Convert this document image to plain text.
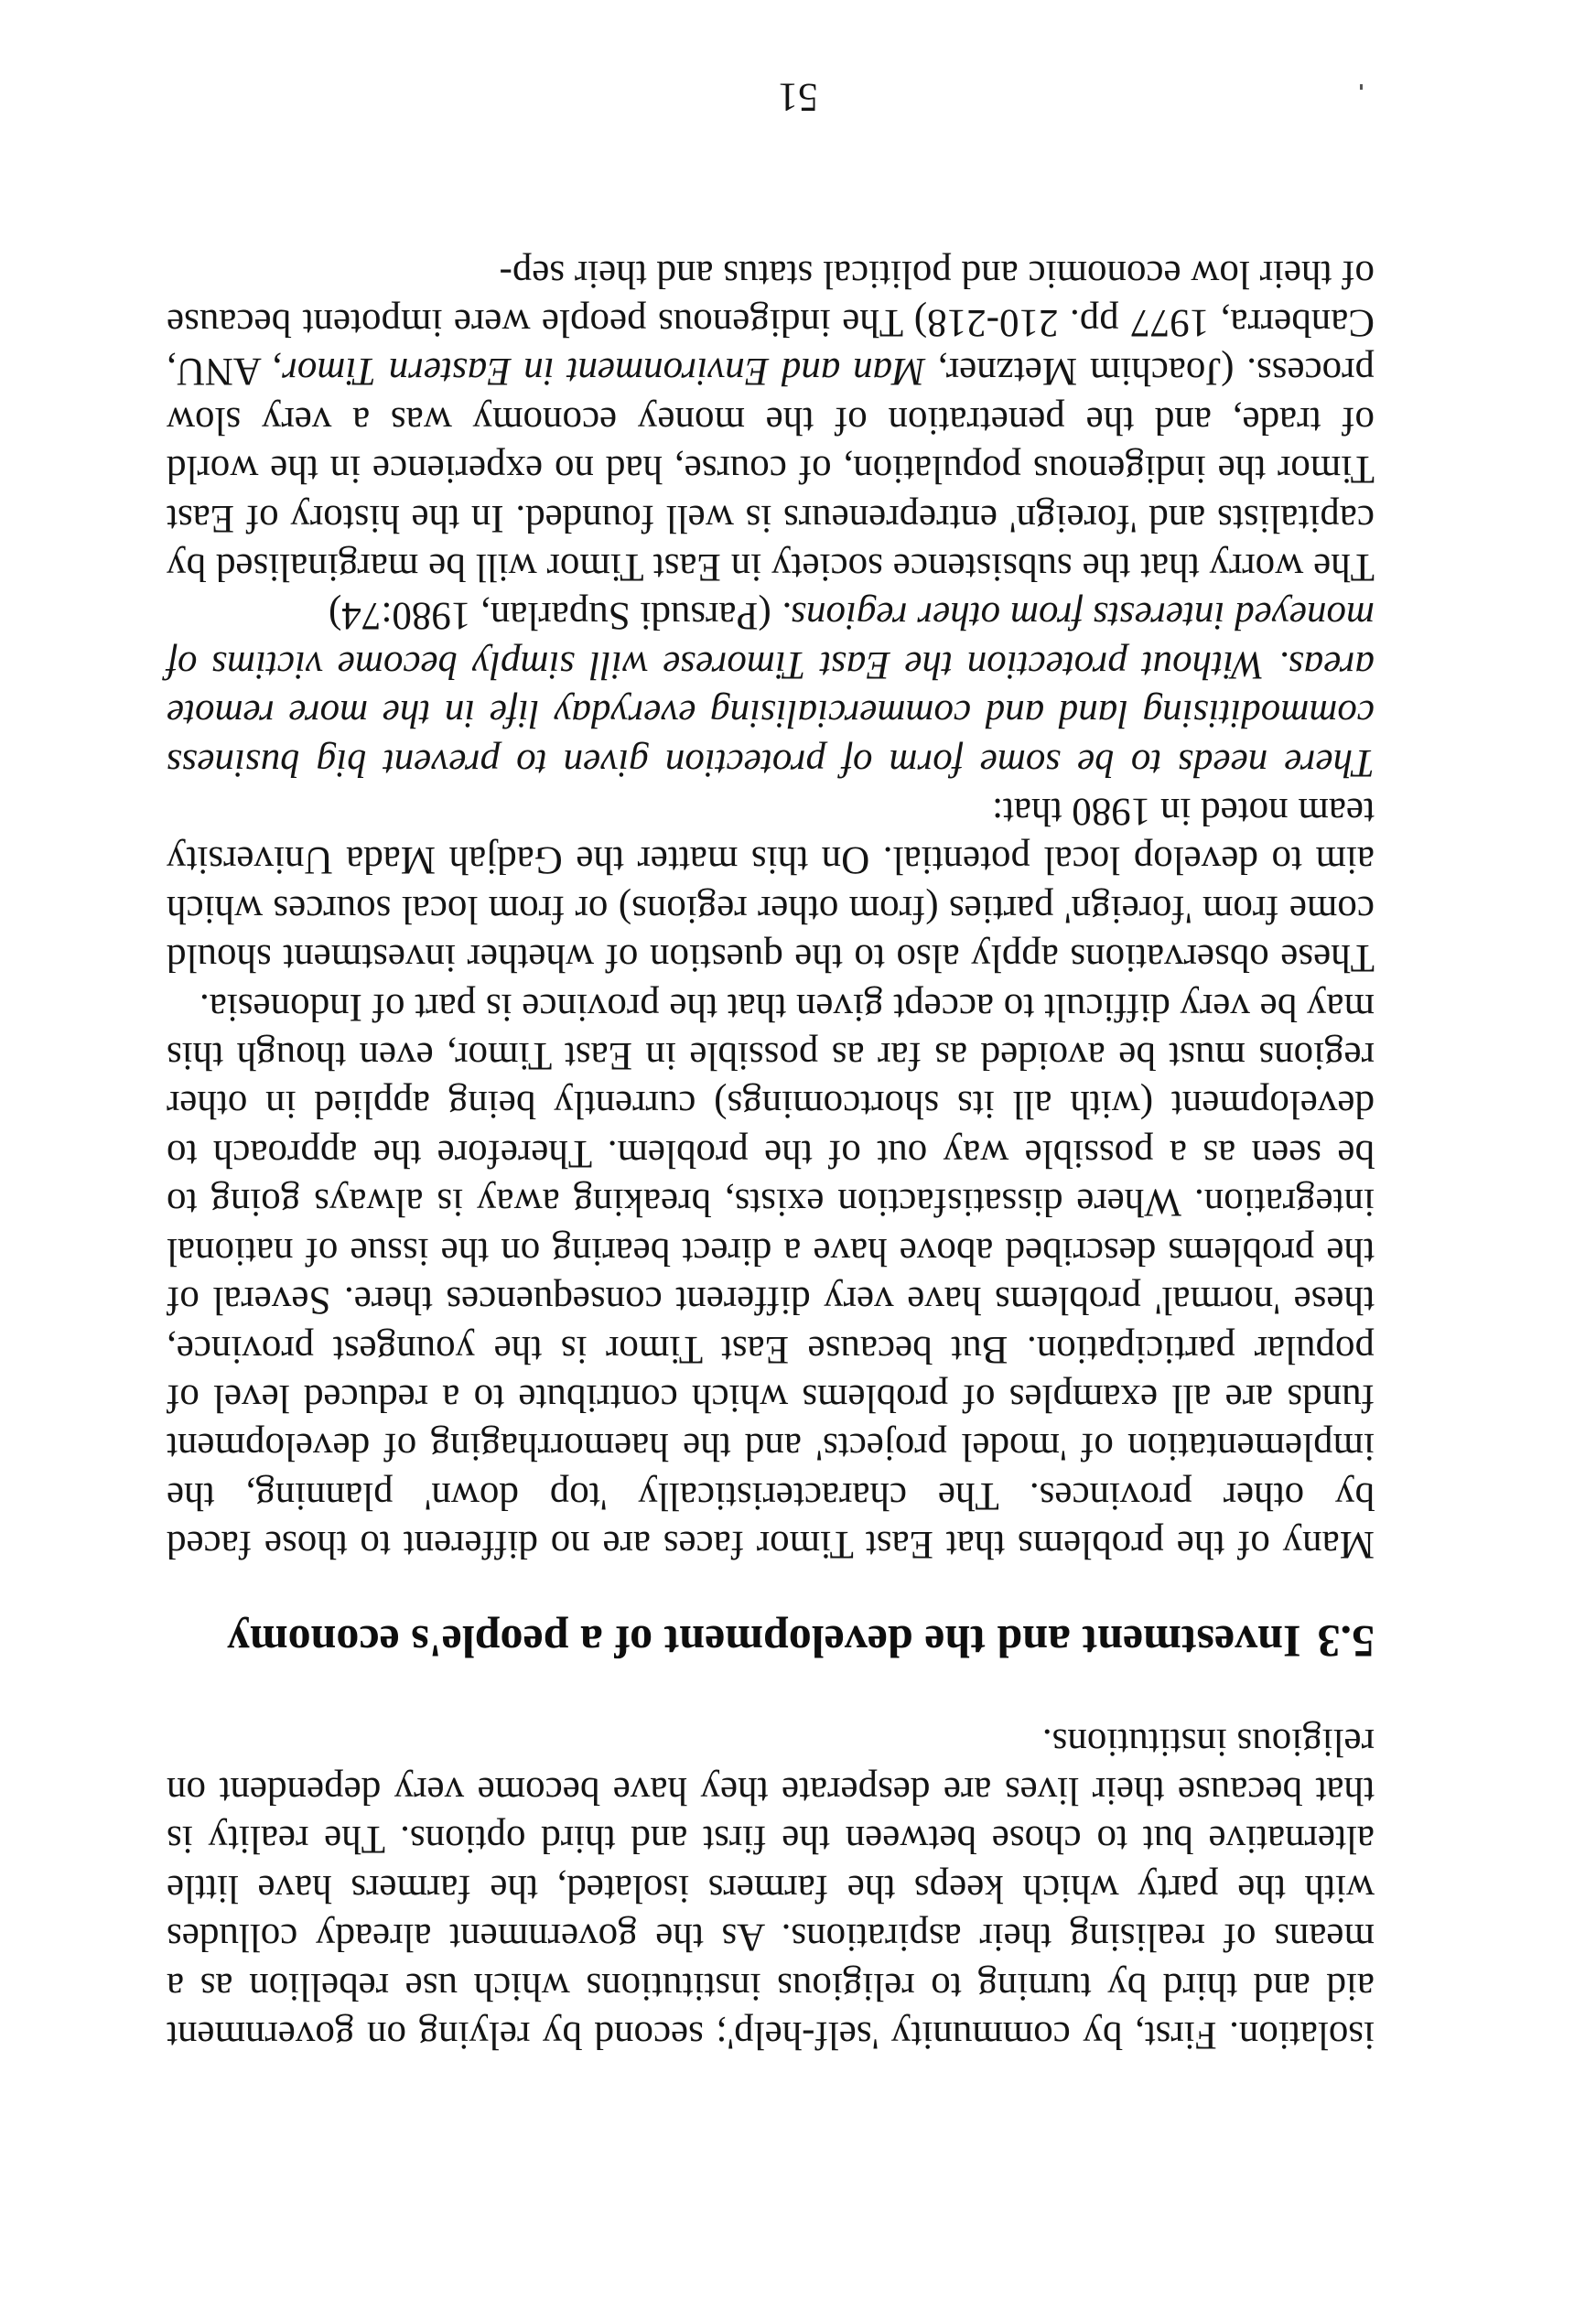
isolation. First, by community 'self-help'; second by relying on government aid and third by turning to religious institutions which use rebellion as a means of realising their aspirations. As the government already colludes with the party which keeps the farmers isolated, the farmers have little alternative but to chose between the first and third options. The reality is that because their lives are desperate they have become very dependent on religious institutions.

5.3Investment and the development of a people's economy

Many of the problems that East Timor faces are no different to those faced by other provinces. The characteristically 'top down' planning, the implementation of 'model projects' and the haemorrhaging of development funds are all examples of problems which contribute to a reduced level of popular participation. But because East Timor is the youngest province, these 'normal' problems have very different consequences there. Several of the problems described above have a direct bearing on the issue of national integration. Where dissatisfaction exists, breaking away is always going to be seen as a possible way out of the problem. Therefore the approach to development (with all its shortcomings) currently being applied in other regions must be avoided as far as possible in East Timor, even though this may be very difficult to accept given that the province is part of Indonesia.

These observations apply also to the question of whether investment should come from 'foreign' parties (from other regions) or from local sources which aim to develop local potential. On this matter the Gadjah Mada University team noted in 1980 that:

There needs to be some form of protection given to prevent big business commoditising land and commercialising everyday life in the more remote areas. Without protection the East Timorese will simply become victims of moneyed interests from other regions. (Parsudi Suparlan, 1980:74)

The worry that the subsistence society in East Timor will be marginalised by capitalists and 'foreign' entrepreneurs is well founded. In the history of East Timor the indigenous population, of course, had no experience in the world of trade, and the penetration of the money economy was a very slow process. (Joachim Metzner, Man and Environment in Eastern Timor, ANU, Canberra, 1977 pp. 210-218) The indigenous people were impotent because of their low economic and political status and their sep-

51
